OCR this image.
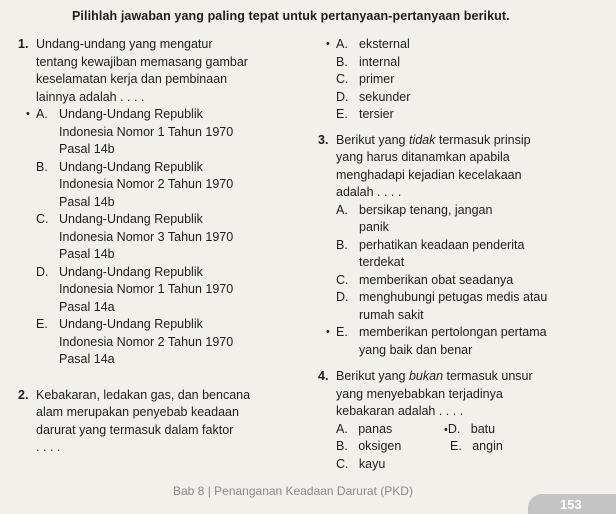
Pilihlah jawaban yang paling tepat untuk pertanyaan-pertanyaan berikut.
1. Undang-undang yang mengatur
tentang kewajiban memasang gambar
keselamatan kerja dan pembinaan
lainnya adalah . . . .
• A. Undang-Undang Republik
Indonesia Nomor 1 Tahun 1970
Pasal 14b
B. Undang-Undang Republik
Indonesia Nomor 2 Tahun 1970
Pasal 14b
C. Undang-Undang Republik
Indonesia Nomor 3 Tahun 1970
Pasal 14b
D. Undang-Undang Republik
Indonesia Nomor 1 Tahun 1970
Pasal 14a
E. Undang-Undang Republik
Indonesia Nomor 2 Tahun 1970
Pasal 14a
2. Kebakaran, ledakan gas, dan bencana
alam merupakan penyebab keadaan
darurat yang termasuk dalam faktor
. . . .
• A. eksternal
B. internal
C. primer
D. sekunder
E. tersier
3. Berikut yang tidak termasuk prinsip
yang harus ditanamkan apabila
menghadapi kejadian kecelakaan
adalah . . . .
A. bersikap tenang, jangan
panik
B. perhatikan keadaan penderita
terdekat
C. memberikan obat seadanya
D. menghubungi petugas medis atau
rumah sakit
• E. memberikan pertolongan pertama
yang baik dan benar
4. Berikut yang bukan termasuk unsur
yang menyebabkan terjadinya
kebakaran adalah . . . .
A. panas	•D. batu
B. oksigen	E. angin
C. kayu
Bab 8 | Penanganan Keadaan Darurat (PKD)
153
